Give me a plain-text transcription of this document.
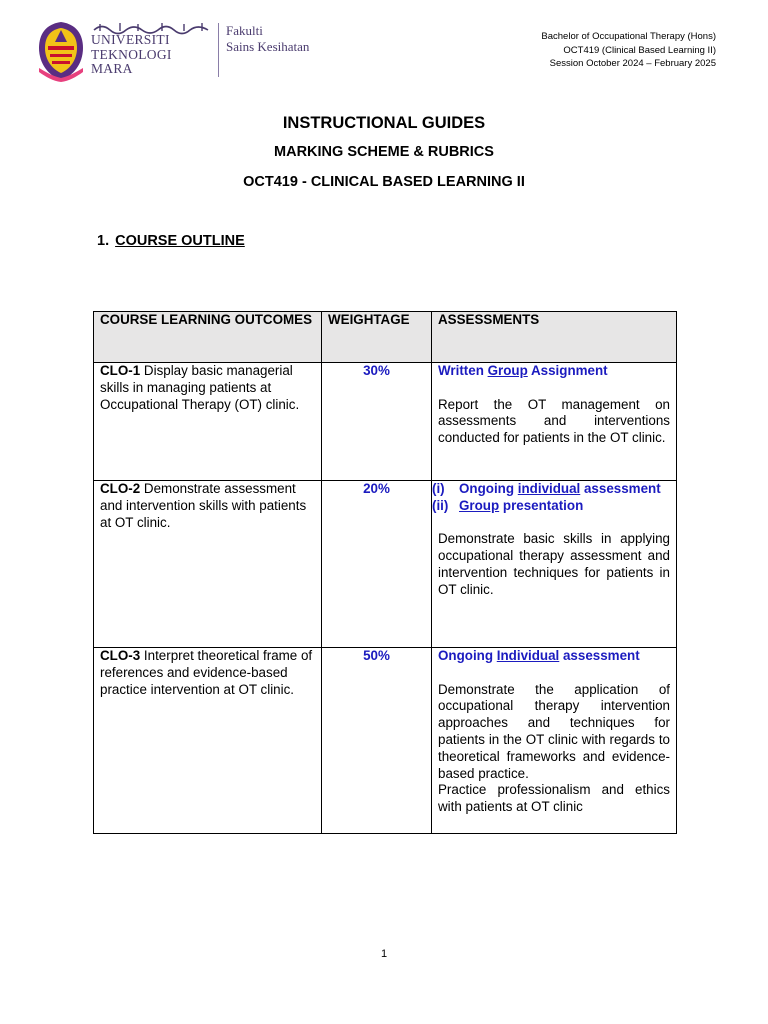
UNIVERSITI
TEKNOLOGI
MARA
Fakulti
Sains Kesihatan
Bachelor of Occupational Therapy (Hons)
OCT419 (Clinical Based Learning II)
Session October 2024 – February 2025
INSTRUCTIONAL GUIDES
MARKING SCHEME & RUBRICS
OCT419 - CLINICAL BASED LEARNING II
1. COURSE OUTLINE
COURSE LEARNING OUTCOMES	WEIGHTAGE	ASSESSMENTS
CLO-1 Display basic managerial skills in managing patients at Occupational Therapy (OT) clinic.	30%	Written Group Assignment
Report the OT management on assessments and interventions conducted for patients in the OT clinic.

CLO-2 Demonstrate assessment and intervention skills with patients at OT clinic.	20%	(i) Ongoing individual assessment
(ii) Group presentation
Demonstrate basic skills in applying occupational therapy assessment and intervention techniques for patients in OT clinic.

CLO-3 Interpret theoretical frame of references and evidence-based practice intervention at OT clinic.	50%	Ongoing Individual assessment
Demonstrate the application of occupational therapy intervention approaches and techniques for patients in the OT clinic with regards to theoretical frameworks and evidence-based practice.
Practice professionalism and ethics with patients at OT clinic
1
